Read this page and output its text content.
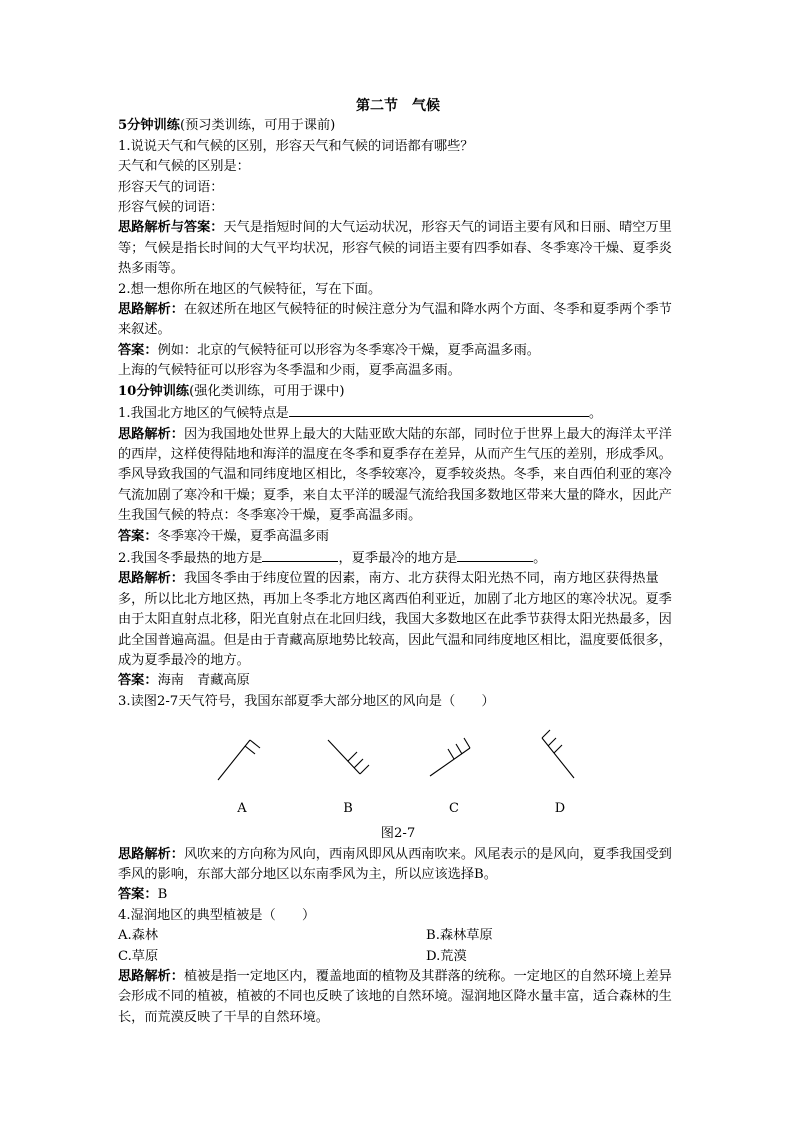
第二节　气候

5分钟训练(预习类训练，可用于课前)

1.说说天气和气候的区别，形容天气和气候的词语都有哪些？

天气和气候的区别是：

形容天气的词语：

形容气候的词语：

思路解析与答案：天气是指短时间的大气运动状况，形容天气的词语主要有风和日丽、晴空万里等；气候是指长时间的大气平均状况，形容气候的词语主要有四季如春、冬季寒冷干燥、夏季炎热多雨等。

2.想一想你所在地区的气候特征，写在下面。

思路解析：在叙述所在地区气候特征的时候注意分为气温和降水两个方面、冬季和夏季两个季节来叙述。

答案：例如：北京的气候特征可以形容为冬季寒冷干燥，夏季高温多雨。

上海的气候特征可以形容为冬季温和少雨，夏季高温多雨。

10分钟训练(强化类训练，可用于课中)

1.我国北方地区的气候特点是	。

思路解析：因为我国地处世界上最大的大陆亚欧大陆的东部，同时位于世界上最大的海洋太平洋的西岸，这样使得陆地和海洋的温度在冬季和夏季存在差异，从而产生气压的差别，形成季风。季风导致我国的气温和同纬度地区相比，冬季较寒冷，夏季较炎热。冬季，来自西伯利亚的寒冷气流加剧了寒冷和干燥；夏季，来自太平洋的暖湿气流给我国多数地区带来大量的降水，因此产生我国气候的特点：冬季寒冷干燥，夏季高温多雨。

答案：冬季寒冷干燥，夏季高温多雨

2.我国冬季最热的地方是	，夏季最冷的地方是	。

思路解析：我国冬季由于纬度位置的因素，南方、北方获得太阳光热不同，南方地区获得热量多，所以比北方地区热，再加上冬季北方地区离西伯利亚近，加剧了北方地区的寒冷状况。夏季由于太阳直射点北移，阳光直射点在北回归线，我国大多数地区在此季节获得太阳光热最多，因此全国普遍高温。但是由于青藏高原地势比较高，因此气温和同纬度地区相比，温度要低很多，成为夏季最冷的地方。

答案：海南　青藏高原

3.读图2-7天气符号，我国东部夏季大部分地区的风向是（　　）

A	B	C	D

图2-7

思路解析：风吹来的方向称为风向，西南风即风从西南吹来。风尾表示的是风向，夏季我国受到季风的影响，东部大部分地区以东南季风为主，所以应该选择B。

答案：B

4.湿润地区的典型植被是（　　）

A.森林	B.森林草原
C.草原	D.荒漠

思路解析：植被是指一定地区内，覆盖地面的植物及其群落的统称。一定地区的自然环境上差异会形成不同的植被，植被的不同也反映了该地的自然环境。湿润地区降水量丰富，适合森林的生长，而荒漠反映了干旱的自然环境。
